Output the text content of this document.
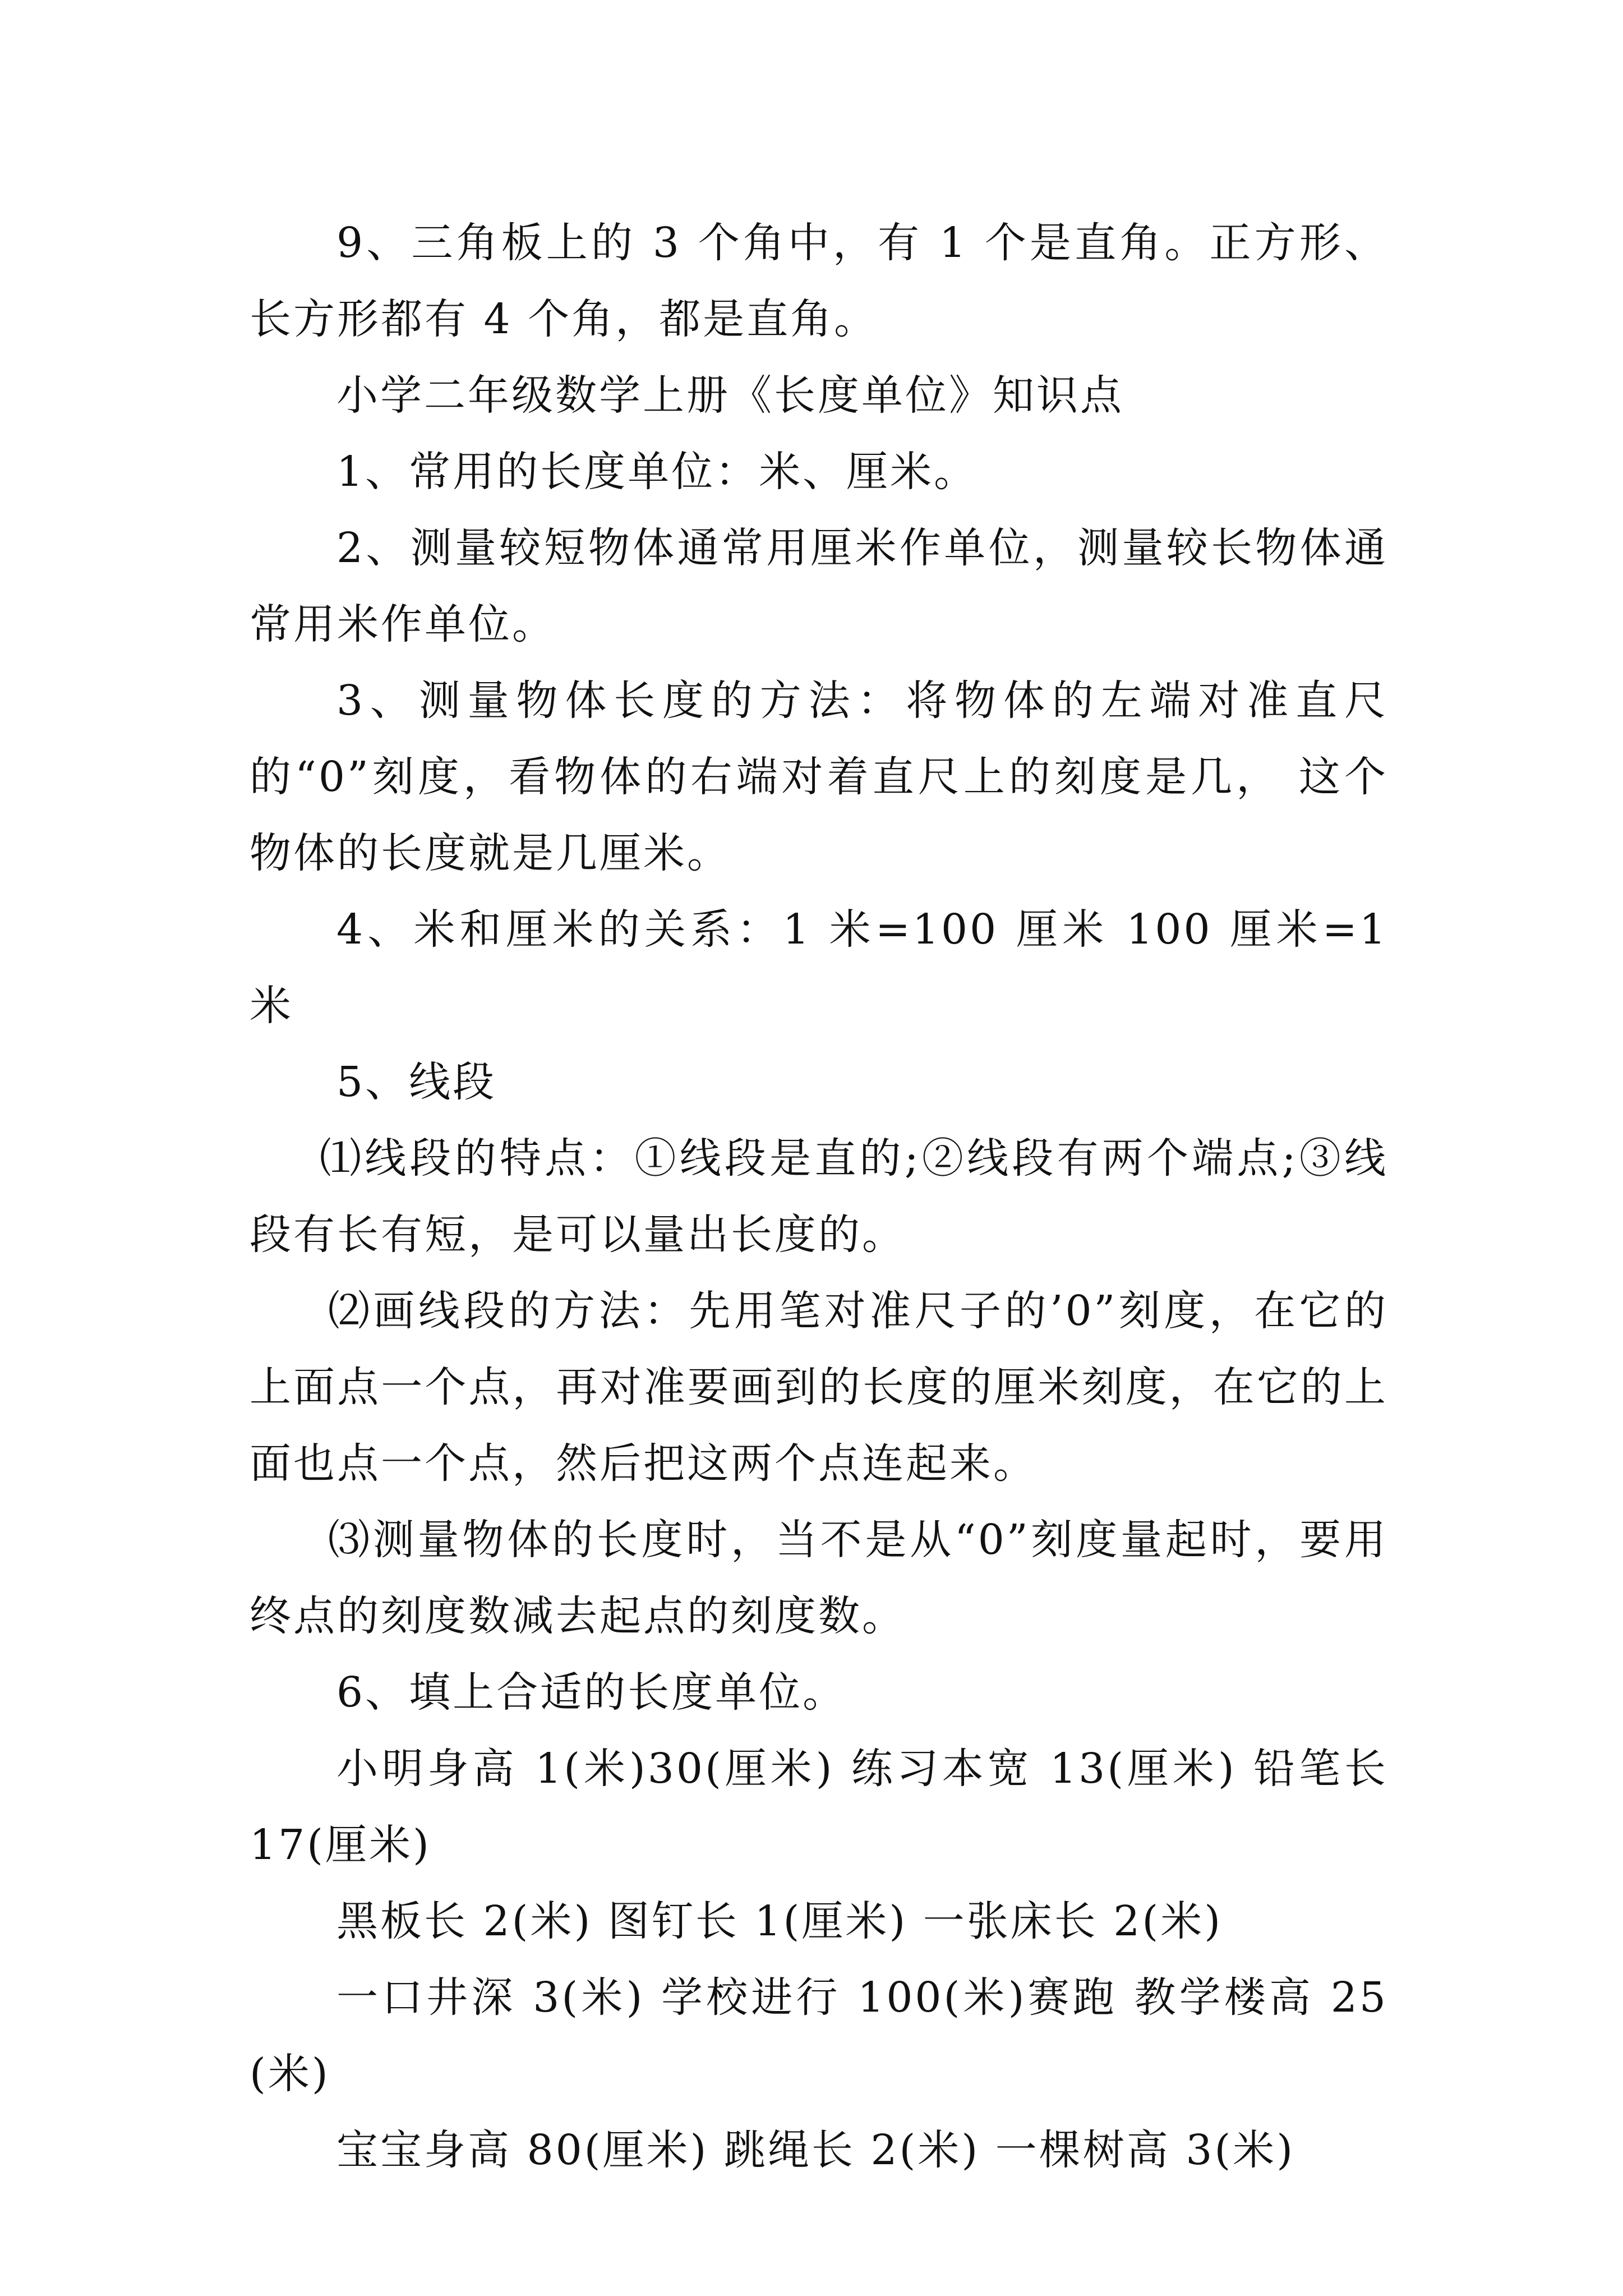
9、三角板上的 3 个角中，有 1 个是直角。正方形、长方形都有 4 个角，都是直角。

小学二年级数学上册《长度单位》知识点

1、常用的长度单位：米、厘米。

2、测量较短物体通常用厘米作单位，测量较长物体通常用米作单位。

3、测量物体长度的方法：将物体的左端对准直尺的“0”刻度，看物体的右端对着直尺上的刻度是几， 这个物体的长度就是几厘米。

4、米和厘米的关系：1 米=100 厘米 100 厘米=1 米

5、线段

⑴线段的特点：①线段是直的;②线段有两个端点;③线段有长有短，是可以量出长度的。

⑵画线段的方法：先用笔对准尺子的’0”刻度，在它的上面点一个点，再对准要画到的长度的厘米刻度，在它的上面也点一个点，然后把这两个点连起来。

⑶测量物体的长度时，当不是从“0”刻度量起时，要用终点的刻度数减去起点的刻度数。

6、填上合适的长度单位。

小明身高 1(米)30(厘米) 练习本宽 13(厘米) 铅笔长 17(厘米)

黑板长 2(米) 图钉长 1(厘米) 一张床长 2(米)

一口井深 3(米) 学校进行 100(米)赛跑 教学楼高 25(米)

宝宝身高 80(厘米) 跳绳长 2(米) 一棵树高 3(米)
